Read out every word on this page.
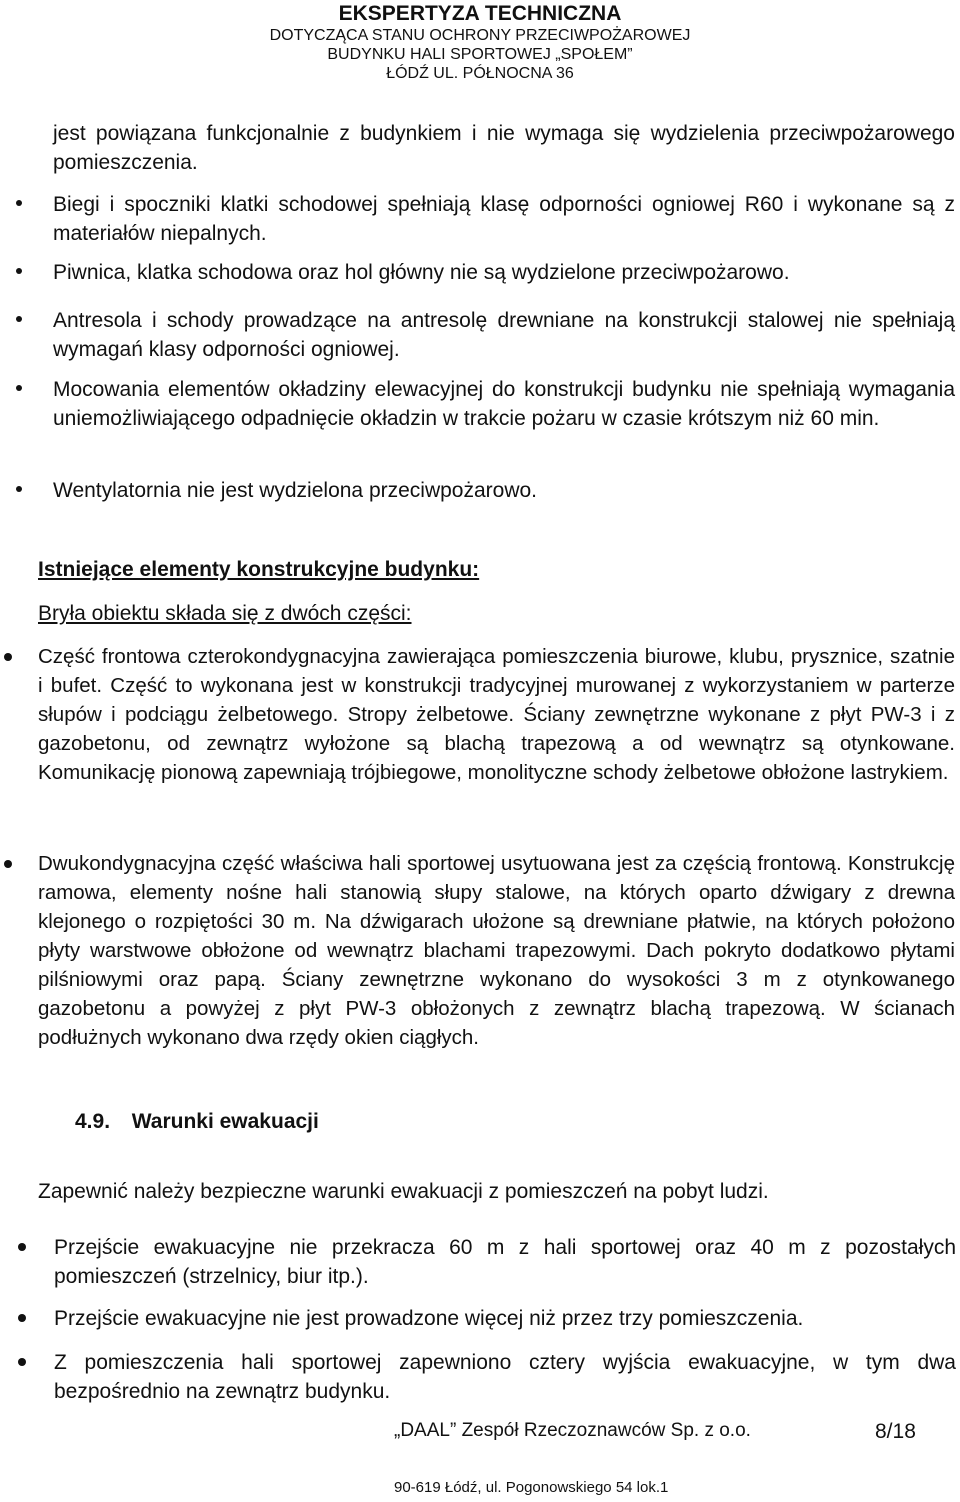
EKSPERTYZA TECHNICZNA
DOTYCZĄCA STANU OCHRONY PRZECIWPOŻAROWEJ
BUDYNKU HALI SPORTOWEJ „SPOŁEM”
ŁÓDŹ UL. PÓŁNOCNA 36
jest powiązana funkcjonalnie z budynkiem i nie wymaga się wydzielenia przeciwpożarowego pomieszczenia.
Biegi i spoczniki klatki schodowej spełniają klasę odporności ogniowej R60 i wykonane są z materiałów niepalnych.
Piwnica, klatka schodowa oraz hol główny nie są wydzielone przeciwpożarowo.
Antresola i schody prowadzące na antresolę drewniane na konstrukcji stalowej nie spełniają wymagań klasy odporności ogniowej.
Mocowania elementów okładziny elewacyjnej do konstrukcji budynku nie spełniają wymagania uniemożliwiającego odpadnięcie okładzin w trakcie pożaru w czasie krótszym niż 60 min.
Wentylatornia nie jest wydzielona przeciwpożarowo.
Istniejące elementy konstrukcyjne budynku:
Bryła obiektu składa się z dwóch części:
Część frontowa czterokondygnacyjna zawierająca pomieszczenia biurowe, klubu, prysznice, szatnie i bufet. Część to wykonana jest w konstrukcji tradycyjnej murowanej z wykorzystaniem w parterze słupów i podciągu żelbetowego. Stropy żelbetowe. Ściany zewnętrzne wykonane z płyt PW-3 i z gazobetonu, od zewnątrz wyłożone są blachą trapezową a od wewnątrz są otynkowane. Komunikację pionową zapewniają trójbiegowe, monolityczne schody żelbetowe obłożone lastrykiem.
Dwukondygnacyjna część właściwa hali sportowej usytuowana jest za częścią frontową. Konstrukcję ramowa, elementy nośne hali stanowią słupy stalowe, na których oparto dźwigary z drewna klejonego o rozpiętości 30 m. Na dźwigarach ułożone są drewniane płatwie, na których położono płyty warstwowe obłożone od wewnątrz blachami trapezowymi. Dach pokryto dodatkowo płytami pilśniowymi oraz papą. Ściany zewnętrzne wykonano do wysokości 3 m z otynkowanego gazobetonu a powyżej z płyt PW-3 obłożonych z zewnątrz blachą trapezową. W ścianach podłużnych wykonano dwa rzędy okien ciągłych.
4.9. Warunki ewakuacji
Zapewnić należy bezpieczne warunki ewakuacji z pomieszczeń na pobyt ludzi.
Przejście ewakuacyjne nie przekracza 60 m z hali sportowej oraz 40 m z pozostałych pomieszczeń (strzelnicy, biur itp.).
Przejście ewakuacyjne nie jest prowadzone więcej niż przez trzy pomieszczenia.
Z pomieszczenia hali sportowej zapewniono cztery wyjścia ewakuacyjne, w tym dwa bezpośrednio na zewnątrz budynku.
„DAAL” Zespół Rzeczoznawców Sp. z o.o.	8/18
90-619 Łódź, ul. Pogonowskiego 54 lok.1
